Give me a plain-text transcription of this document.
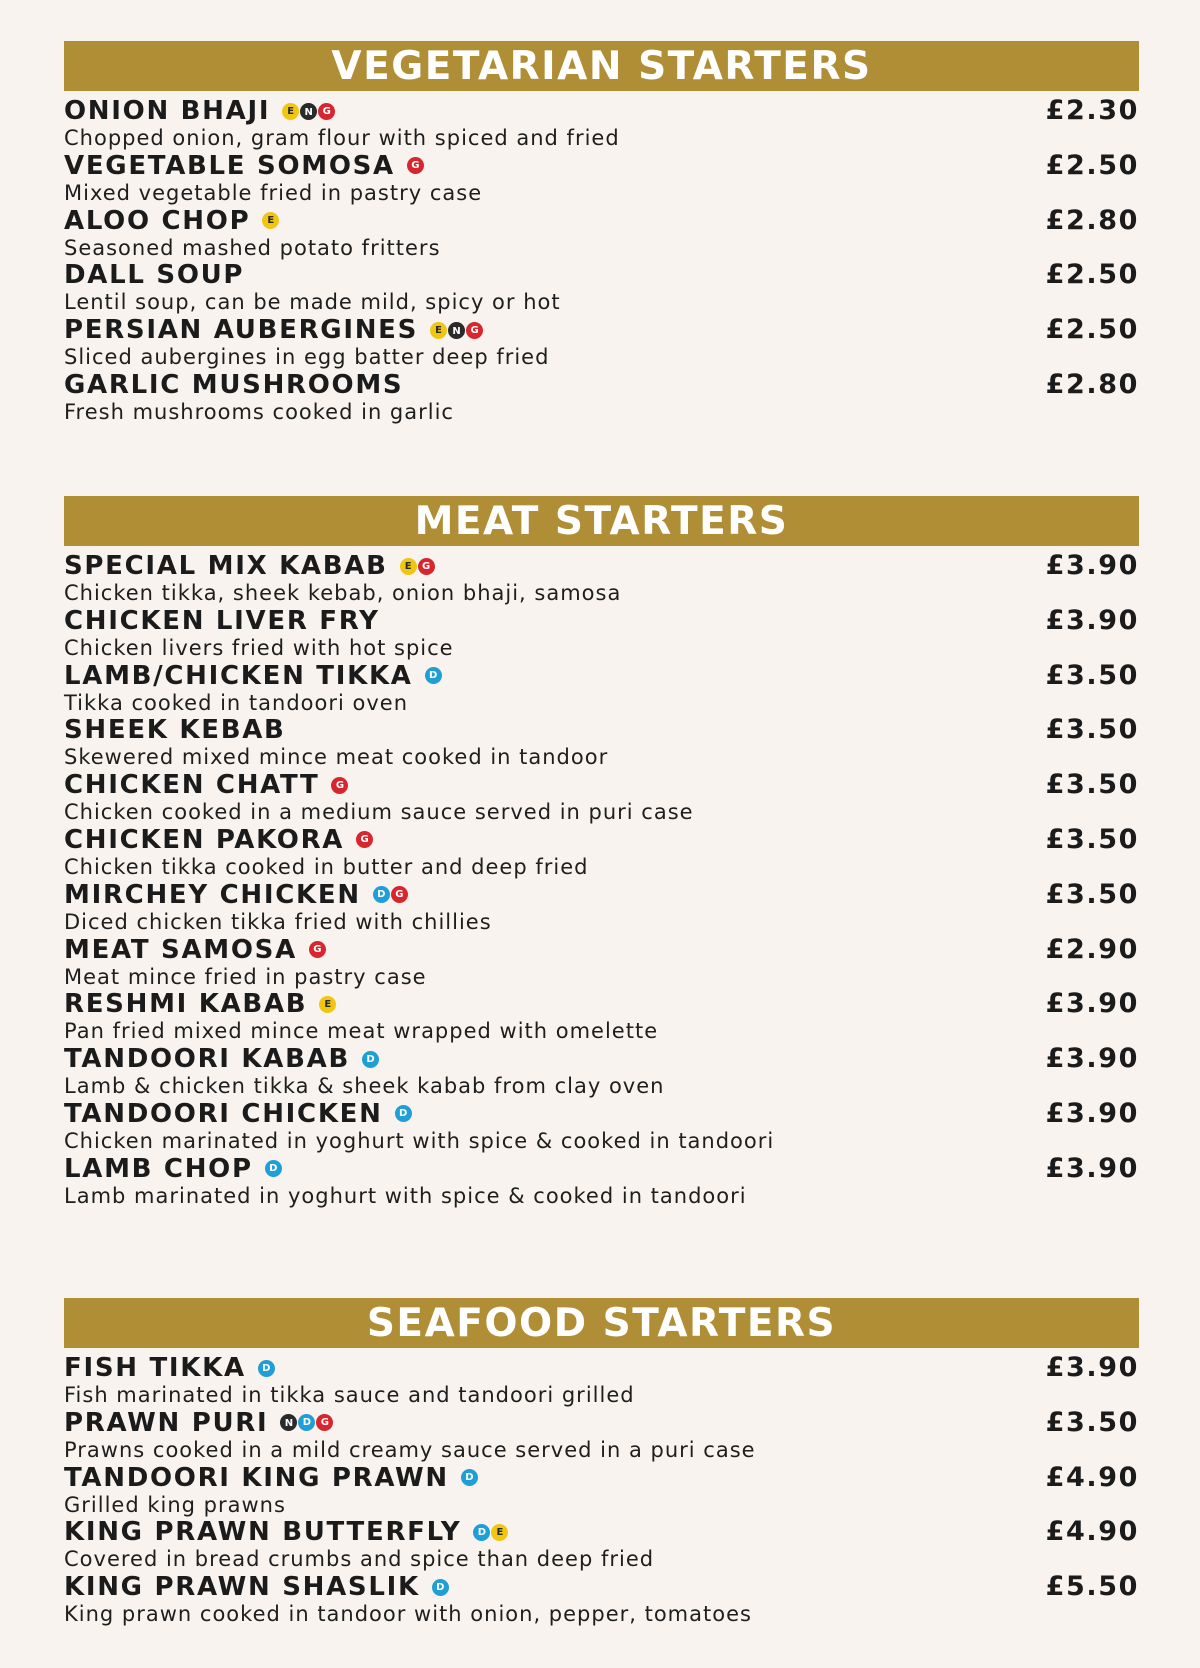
VEGETARIAN STARTERS
ONION BHAJI	E	N G	£2.30
Chopped onion, gram flour with spiced and fried
VEGETABLE SOMOSA	G	£2.50
Mixed vegetable fried in pastry case
ALOO CHOP	E	£2.80
Seasoned mashed potato fritters
DALL SOUP	£2.50
Lentil soup, can be made mild, spicy or hot
PERSIAN AUBERGINES	E	N G	£2.50
Sliced aubergines in egg batter deep fried
GARLIC MUSHROOMS	£2.80
Fresh mushrooms cooked in garlic
MEAT STARTERS
SPECIAL MIX KABAB	E	G	£3.90
Chicken tikka, sheek kebab, onion bhaji, samosa
CHICKEN LIVER FRY	£3.90
Chicken livers fried with hot spice
LAMB/CHICKEN TIKKA	D	£3.50
Tikka cooked in tandoori oven
SHEEK KEBAB	£3.50
Skewered mixed mince meat cooked in tandoor
CHICKEN CHATT	G	£3.50
Chicken cooked in a medium sauce served in puri case
CHICKEN PAKORA	G	£3.50
Chicken tikka cooked in butter and deep fried
MIRCHEY CHICKEN	D G	£3.50
Diced chicken tikka fried with chillies
MEAT SAMOSA	G	£2.90
Meat mince fried in pastry case
RESHMI KABAB	E	£3.90
Pan fried mixed mince meat wrapped with omelette
TANDOORI KABAB	D	£3.90
Lamb & chicken tikka & sheek kabab from clay oven
TANDOORI CHICKEN	D	£3.90
Chicken marinated in yoghurt with spice & cooked in tandoori
LAMB CHOP	D	£3.90
Lamb marinated in yoghurt with spice & cooked in tandoori
SEAFOOD STARTERS
FISH TIKKA	D	£3.90
Fish marinated in tikka sauce and tandoori grilled
PRAWN PURI	N D G	£3.50
Prawns cooked in a mild creamy sauce served in a puri case
TANDOORI KING PRAWN	D	£4.90
Grilled king prawns
KING PRAWN BUTTERFLY	D	E	£4.90
Covered in bread crumbs and spice than deep fried
KING PRAWN SHASLIK	D	£5.50
King prawn cooked in tandoor with onion, pepper, tomatoes
